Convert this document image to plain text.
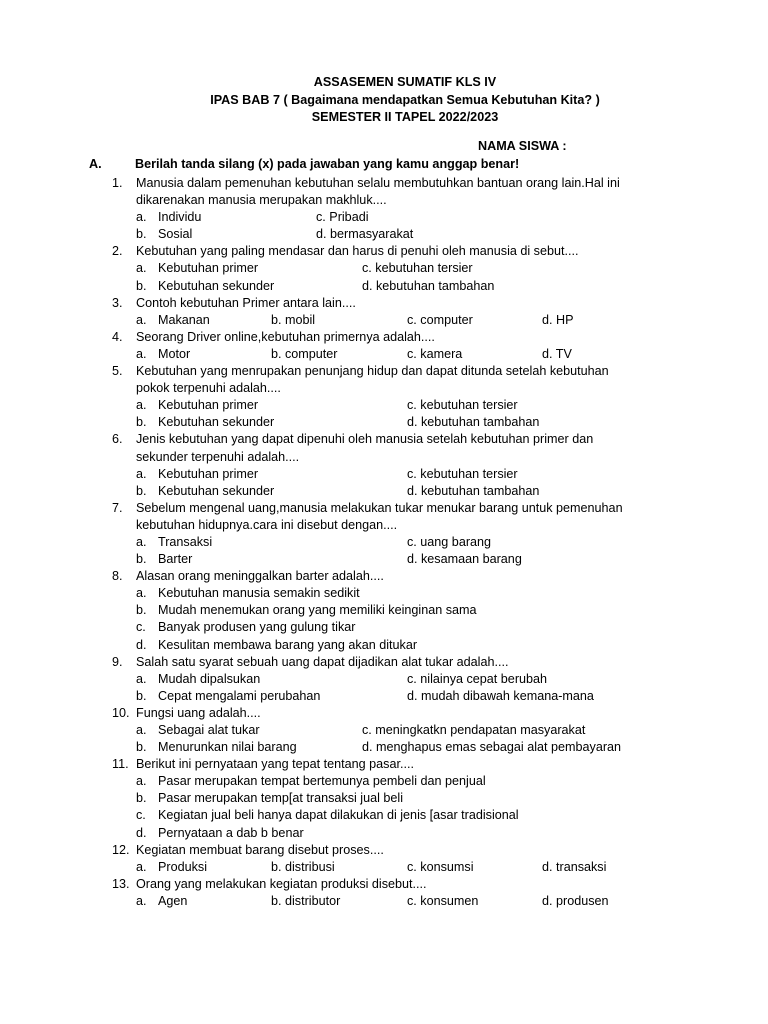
ASSASEMEN SUMATIF KLS IV
IPAS BAB 7 ( Bagaimana mendapatkan Semua Kebutuhan Kita? )
SEMESTER II TAPEL 2022/2023
NAMA SISWA :
A.	Berilah tanda silang (x) pada jawaban yang kamu anggap benar!
1.	Manusia dalam pemenuhan kebutuhan selalu membutuhkan bantuan orang lain.Hal ini
dikarenakan manusia merupakan makhluk....
a. Individu	c. Pribadi
b. Sosial	d. bermasyarakat
2.	Kebutuhan yang paling mendasar dan harus di penuhi oleh manusia di sebut....
a. Kebutuhan primer	c. kebutuhan tersier
b. Kebutuhan sekunder	d. kebutuhan tambahan
3.	Contoh kebutuhan Primer antara lain....
a. Makanan	b. mobil	c. computer	d. HP
4.	Seorang Driver online,kebutuhan primernya adalah....
a. Motor	b. computer	c. kamera	d. TV
5.	Kebutuhan yang menrupakan penunjang hidup dan dapat ditunda setelah kebutuhan
pokok terpenuhi adalah....
a. Kebutuhan primer	c. kebutuhan tersier
b. Kebutuhan sekunder	d. kebutuhan tambahan
6.	Jenis kebutuhan yang dapat dipenuhi oleh manusia setelah kebutuhan primer dan
sekunder terpenuhi adalah....
a. Kebutuhan primer	c. kebutuhan tersier
b. Kebutuhan sekunder	d. kebutuhan tambahan
7.	Sebelum mengenal uang,manusia melakukan tukar menukar barang untuk pemenuhan
kebutuhan hidupnya.cara ini disebut dengan....
a. Transaksi	c. uang barang
b. Barter	d. kesamaan barang
8.	Alasan orang meninggalkan barter adalah....
a. Kebutuhan manusia semakin sedikit
b. Mudah menemukan orang yang memiliki keinginan sama
c. Banyak produsen yang gulung tikar
d. Kesulitan membawa barang yang akan ditukar
9.	Salah satu syarat sebuah uang dapat dijadikan alat tukar adalah....
a. Mudah dipalsukan	c. nilainya cepat berubah
b. Cepat mengalami perubahan	d. mudah dibawah kemana-mana
10. Fungsi uang adalah....
a. Sebagai alat tukar	c. meningkatkn pendapatan masyarakat
b. Menurunkan nilai barang	d. menghapus emas sebagai alat pembayaran
11. Berikut ini pernyataan yang tepat tentang pasar....
a. Pasar merupakan tempat bertemunya pembeli dan penjual
b. Pasar merupakan temp[at transaksi jual beli
c. Kegiatan jual beli hanya dapat dilakukan di jenis [asar tradisional
d. Pernyataan a dab b benar
12. Kegiatan membuat barang disebut proses....
a. Produksi	b. distribusi	c. konsumsi	d. transaksi
13. Orang yang melakukan kegiatan produksi disebut....
a. Agen	b. distributor	c. konsumen	d. produsen
